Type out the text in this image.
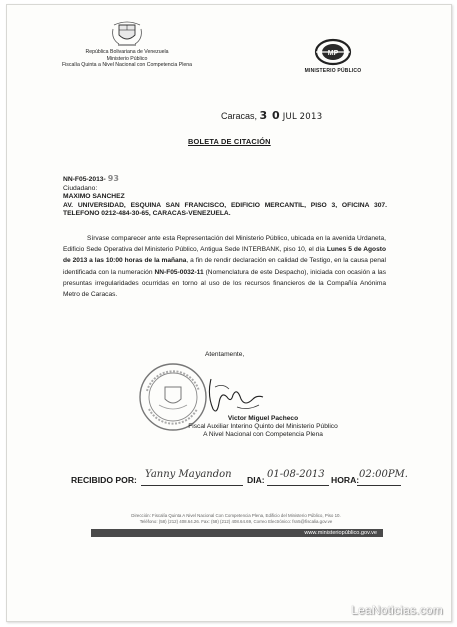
República Bolivariana de Venezuela
Ministerio Público
Fiscalía Quinta a Nivel Nacional con Competencia Plena
MP
MINISTERIO PÚBLICO
Caracas, 3 0 JUL 2013
BOLETA DE CITACIÓN
NN-F05-2013- 93
Ciudadano:
MAXIMO SANCHEZ
AV. UNIVERSIDAD, ESQUINA SAN FRANCISCO, EDIFICIO MERCANTIL, PISO 3, OFICINA 307. TELEFONO 0212-484-30-65, CARACAS-VENEZUELA.
Sírvase comparecer ante esta Representación del Ministerio Público, ubicada en la avenida Urdaneta, Edificio Sede Operativa del Ministerio Público, Antigua Sede INTERBANK, piso 10, el día Lunes 5 de Agosto de 2013 a las 10:00 horas de la mañana, a fin de rendir declaración en calidad de Testigo, en la causa penal identificada con la numeración NN-F05-0032-11 (Nomenclatura de este Despacho), iniciada con ocasión a las presuntas irregularidades ocurridas en torno al uso de los recursos financieros de la Compañía Anónima Metro de Caracas.
Atentamente,
Victor Miguel Pacheco
Fiscal Auxiliar Interino Quinto del Ministerio Público
A Nivel Nacional con Competencia Plena
RECIBIDO POR: Yanny Mayandon DIA: 01-08-2013 HORA: 02:00PM.
Dirección: Fiscalía Quinta A Nivel Nacional Con Competencia Plena, Edificio del Ministerio Público, Piso 10.
Teléfono: (58) (212) 408.64.26. Fax: (58) (212) 408.64.69, Correo Electrónico: fsn5@fiscalia.gov.ve
www.ministeriopúblico.gov.ve
LeaNoticias.com
